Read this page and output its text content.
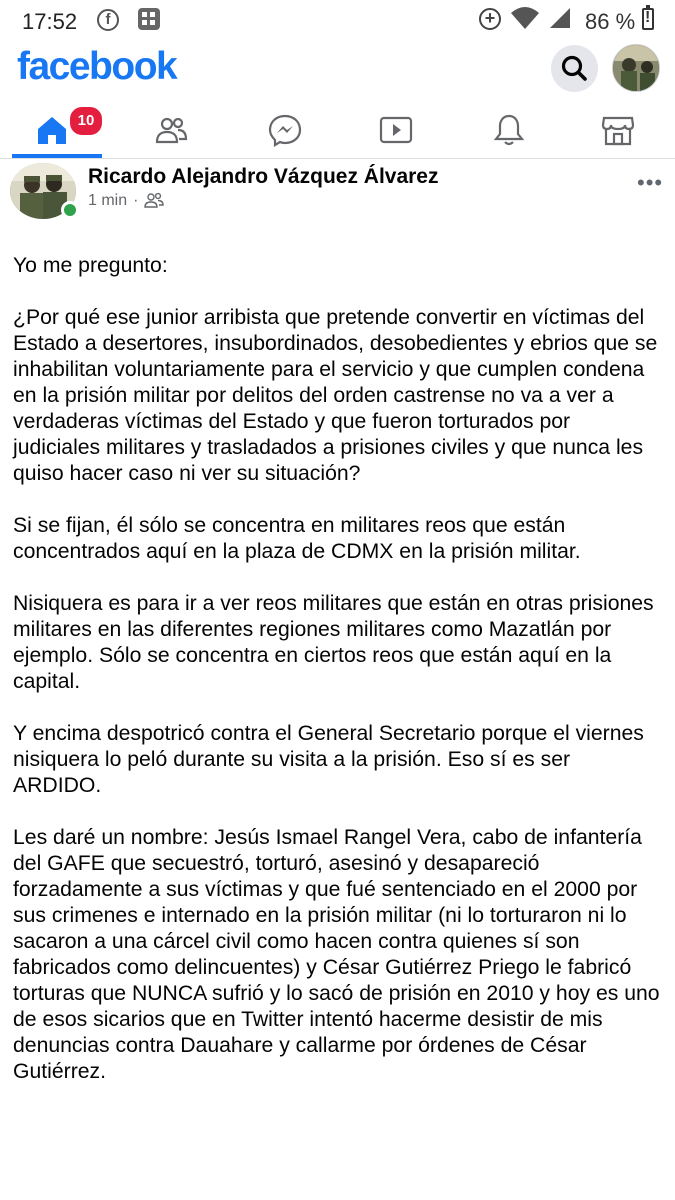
17:52	f	+	86 %
!
facebook
10
Ricardo Alejandro Vázquez Álvarez
1 min ·
•••

Yo me pregunto:

¿Por qué ese junior arribista que pretende convertir en víctimas del Estado a desertores, insubordinados, desobedientes y ebrios que se inhabilitan voluntariamente para el servicio y que cumplen condena en la prisión militar por delitos del orden castrense no va a ver a verdaderas víctimas del Estado y que fueron torturados por judiciales militares y trasladados a prisiones civiles y que nunca les quiso hacer caso ni ver su situación?

Si se fijan, él sólo se concentra en militares reos que están concentrados aquí en la plaza de CDMX en la prisión militar.

Nisiquera es para ir a ver reos militares que están en otras prisiones militares en las diferentes regiones militares como Mazatlán por ejemplo. Sólo se concentra en ciertos reos que están aquí en la capital.

Y encima despotricó contra el General Secretario porque el viernes nisiquera lo peló durante su visita a la prisión. Eso sí es ser ARDIDO.

Les daré un nombre: Jesús Ismael Rangel Vera, cabo de infantería del GAFE que secuestró, torturó, asesinó y desapareció forzadamente a sus víctimas y que fué sentenciado en el 2000 por sus crimenes e internado en la prisión militar (ni lo torturaron ni lo sacaron a una cárcel civil como hacen contra quienes sí son fabricados como delincuentes) y César Gutiérrez Priego le fabricó torturas que NUNCA sufrió y lo sacó de prisión en 2010 y hoy es uno de esos sicarios que en Twitter intentó hacerme desistir de mis denuncias contra Dauahare y callarme por órdenes de César Gutiérrez.
